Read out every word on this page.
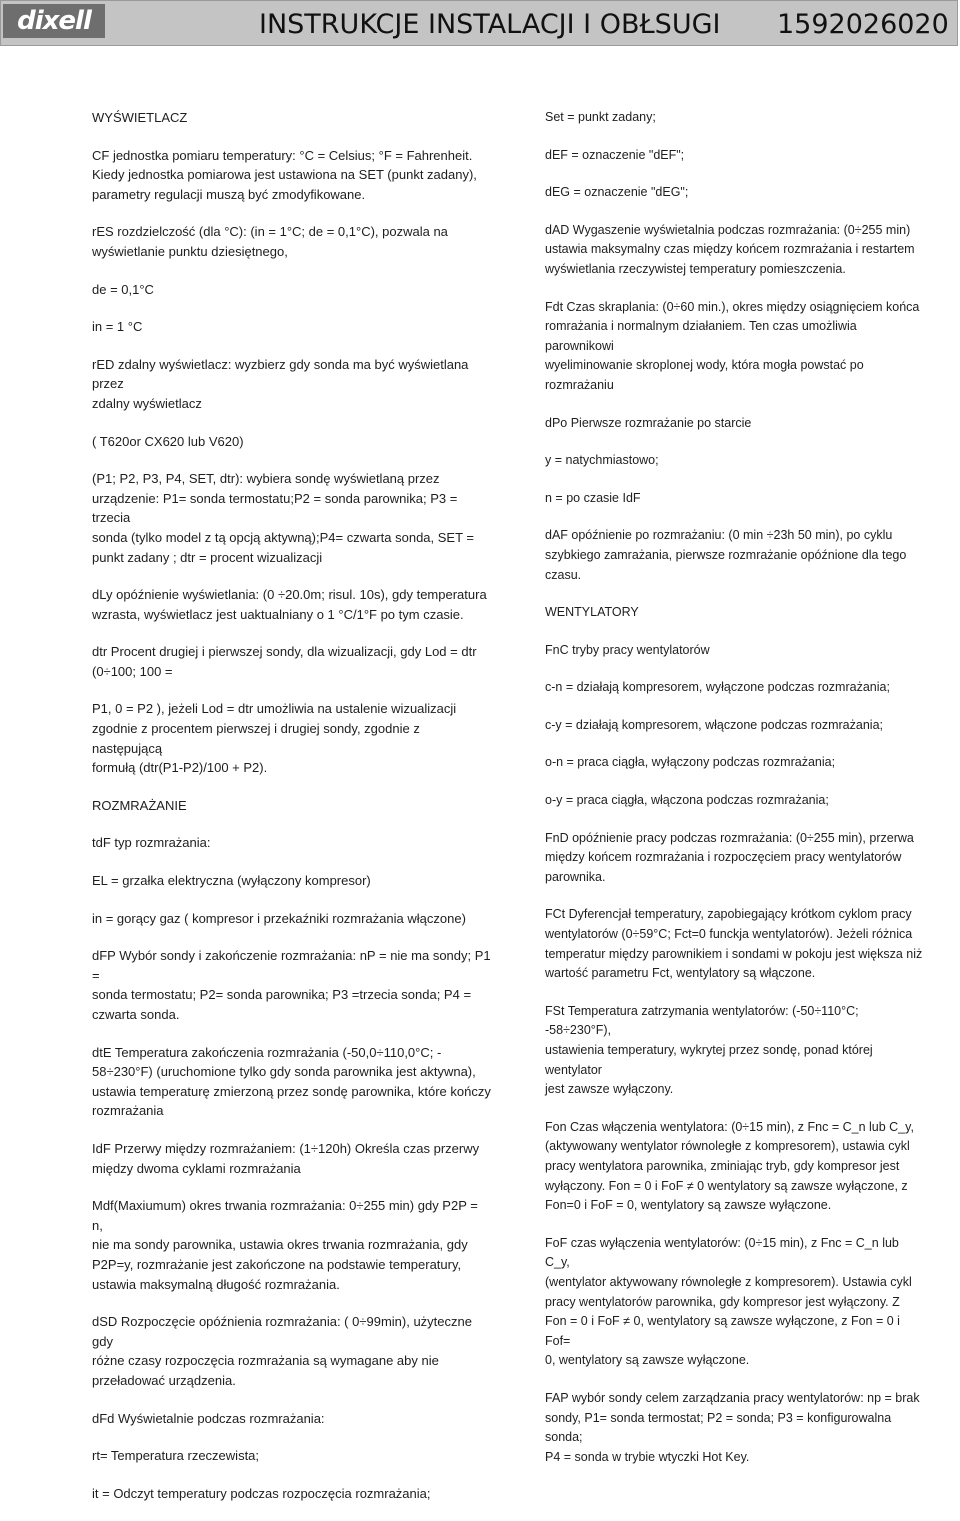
dixell	INSTRUKCJE INSTALACJI I OBŁSUGI 1592026020

WYŚWIETLACZ

CF jednostka pomiaru temperatury: °C = Celsius; °F = Fahrenheit.
Kiedy jednostka pomiarowa jest ustawiona na SET (punkt zadany),
parametry regulacji muszą być zmodyfikowane.

rES rozdzielczość (dla °C): (in = 1°C; de = 0,1°C), pozwala na
wyświetlanie punktu dziesiętnego,

de = 0,1°C

in = 1 °C

rED zdalny wyświetlacz: wyzbierz gdy sonda ma być wyświetlana przez
zdalny wyświetlacz

( T620or CX620 lub V620)

(P1; P2, P3, P4, SET, dtr): wybiera sondę wyświetlaną przez
urządzenie: P1= sonda termostatu;P2 = sonda parownika; P3 = trzecia
sonda (tylko model z tą opcją aktywną);P4= czwarta sonda, SET =
punkt zadany ; dtr = procent wizualizacji

dLy opóźnienie wyświetlania: (0 ÷20.0m; risul. 10s), gdy temperatura
wzrasta, wyświetlacz jest uaktualniany o 1 °C/1°F po tym czasie.

dtr Procent drugiej i pierwszej sondy, dla wizualizacji, gdy Lod = dtr
(0÷100; 100 =

P1, 0 = P2 ), jeżeli Lod = dtr umożliwia na ustalenie wizualizacji
zgodnie z procentem pierwszej i drugiej sondy, zgodnie z następującą
formułą (dtr(P1-P2)/100 + P2).

ROZMRAŻANIE

tdF typ rozmrażania:

EL = grzałka elektryczna (wyłączony kompresor)

in = gorący gaz ( kompresor i przekaźniki rozmrażania włączone)

dFP Wybór sondy i zakończenie rozmrażania: nP = nie ma sondy; P1 =
sonda termostatu; P2= sonda parownika; P3 =trzecia sonda; P4 =
czwarta sonda.

dtE Temperatura zakończenia rozmrażania (-50,0÷110,0°C; -
58÷230°F) (uruchomione tylko gdy sonda parownika jest aktywna),
ustawia temperaturę zmierzoną przez sondę parownika, które kończy
rozmrażania

IdF Przerwy między rozmrażaniem: (1÷120h) Określa czas przerwy
między dwoma cyklami rozmrażania

Mdf(Maxiumum) okres trwania rozmrażania: 0÷255 min) gdy P2P = n,
nie ma sondy parownika, ustawia okres trwania rozmrażania, gdy
P2P=y, rozmrażanie jest zakończone na podstawie temperatury,
ustawia maksymalną długość rozmrażania.

dSD Rozpoczęcie opóźnienia rozmrażania: ( 0÷99min), użyteczne gdy
różne czasy rozpoczęcia rozmrażania są wymagane aby nie
przeładować urządzenia.

dFd Wyświetalnie podczas rozmrażania:

rt= Temperatura rzeczewista;

it = Odczyt temperatury podczas rozpoczęcia rozmrażania;

Set = punkt zadany;

dEF = oznaczenie "dEF";

dEG = oznaczenie "dEG";

dAD Wygaszenie wyświetalnia podczas rozmrażania: (0÷255 min)
ustawia maksymalny czas między końcem rozmrażania i restartem
wyświetlania rzeczywistej temperatury pomieszczenia.

Fdt Czas skraplania: (0÷60 min.), okres między osiągnięciem końca
romrażania i normalnym działaniem. Ten czas umożliwia parownikowi
wyeliminowanie skroplonej wody, która mogła powstać po rozmrażaniu

dPo Pierwsze rozmrażanie po starcie

y = natychmiastowo;

n = po czasie IdF

dAF opóźnienie po rozmrażaniu: (0 min ÷23h 50 min), po cyklu
szybkiego zamrażania, pierwsze rozmrażanie opóźnione dla tego
czasu.

WENTYLATORY

FnC tryby pracy wentylatorów

c-n = działają kompresorem, wyłączone podczas rozmrażania;

c-y = działają kompresorem, włączone podczas rozmrażania;

o-n = praca ciągła, wyłączony podczas rozmrażania;

o-y = praca ciągła, włączona podczas rozmrażania;

FnD opóźnienie pracy podczas rozmrażania: (0÷255 min), przerwa
między końcem rozmrażania i rozpoczęciem pracy wentylatorów
parownika.

FCt Dyferencjał temperatury, zapobiegający krótkom cyklom pracy
wentylatorów (0÷59°C; Fct=0 funckja wentylatorów). Jeżeli różnica
temperatur między parownikiem i sondami w pokoju jest większa niż
wartość parametru Fct, wentylatory są włączone.

FSt Temperatura zatrzymania wentylatorów: (-50÷110°C; -58÷230°F),
ustawienia temperatury, wykrytej przez sondę, ponad której wentylator
jest zawsze wyłączony.

Fon Czas włączenia wentylatora: (0÷15 min), z Fnc = C_n lub C_y,
(aktywowany wentylator równoległe z kompresorem), ustawia cykl
pracy wentylatora parownika, zminiając tryb, gdy kompresor jest
wyłączony. Fon = 0 i FoF ≠ 0 wentylatory są zawsze wyłączone, z
Fon=0 i FoF = 0, wentylatory są zawsze wyłączone.

FoF czas wyłączenia wentylatorów: (0÷15 min), z Fnc = C_n lub C_y,
(wentylator aktywowany równoległe z kompresorem). Ustawia cykl
pracy wentylatorów parownika, gdy kompresor jest wyłączony. Z
Fon = 0 i FoF ≠ 0, wentylatory są zawsze wyłączone, z Fon = 0 i Fof=
0, wentylatory są zawsze wyłączone.

FAP wybór sondy celem zarządzania pracy wentylatorów: np = brak
sondy, P1= sonda termostat; P2 = sonda; P3 = konfigurowalna sonda;
P4 = sonda w trybie wtyczki Hot Key.
